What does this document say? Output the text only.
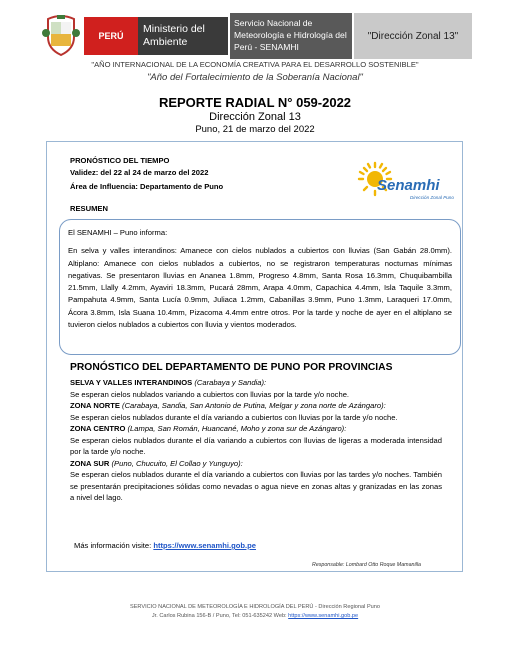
PERÚ
Ministerio del Ambiente
Servicio Nacional de Meteorología e Hidrología del Perú - SENAMHI
"Dirección Zonal 13"
"AÑO INTERNACIONAL DE LA ECONOMÍA CREATIVA PARA EL DESARROLLO SOSTENIBLE"
"Año del Fortalecimiento de la Soberanía Nacional"
REPORTE RADIAL N° 059-2022
Dirección Zonal 13
Puno, 21 de marzo del 2022
PRONÓSTICO DEL TIEMPO
Validez: del 22 al 24 de marzo del 2022
Área de Influencia: Departamento de Puno
RESUMEN
Senamhi
Dirección Zonal Puno

El SENAMHI – Puno informa:

En selva y valles interandinos: Amanece con cielos nublados a cubiertos con lluvias (San Gabán 28.0mm). Altiplano: Amanece con cielos nublados a cubiertos, no se registraron temperaturas nocturnas mínimas negativas. Se presentaron lluvias en Ananea 1.8mm, Progreso 4.8mm, Santa Rosa 16.3mm, Chuquibambilla 21.5mm, Llally 4.2mm, Ayaviri 18.3mm, Pucará 28mm, Arapa 4.0mm, Capachica 4.4mm, Isla Taquile 3.3mm, Pampahuta 4.9mm, Santa Lucía 0.9mm, Juliaca 1.2mm, Cabanillas 3.9mm, Puno 1.3mm, Laraqueri 17.0mm, Ácora 3.8mm, Isla Suana 10.4mm, Pizacoma 4.4mm entre otros. Por la tarde y noche de ayer en el altiplano se tuvieron cielos nublados a cubiertos con lluvia y vientos moderados.

PRONÓSTICO DEL DEPARTAMENTO DE PUNO POR PROVINCIAS
SELVA Y VALLES INTERANDINOS (Carabaya y Sandia):

Se esperan cielos nublados variando a cubiertos con lluvias por la tarde y/o noche.

ZONA NORTE (Carabaya, Sandia, San Antonio de Putina, Melgar y zona norte de Azángaro):

Se esperan cielos nublados durante el día variando a cubiertos con lluvias por la tarde y/o noche.

ZONA CENTRO (Lampa, San Román, Huancané, Moho y zona sur de Azángaro):

Se esperan cielos nublados durante el día variando a cubiertos con lluvias de ligeras a moderada intensidad por la tarde y/o noche.

ZONA SUR (Puno, Chucuito, El Collao y Yunguyo):

Se esperan cielos nublados durante el día variando a cubiertos con lluvias por las tardes y/o noches. También se presentarán precipitaciones sólidas como nevadas o agua nieve en zonas altas y granizadas en las zonas a nivel del lago.

Más información visite: https://www.senamhi.gob.pe
Responsable: Lombard Otto Roque Mamanilla
SERVICIO NACIONAL DE METEOROLOGÍA E HIDROLOGÍA DEL PERÚ - Dirección Regional Puno
Jr. Carlos Rubina 156-B / Puno, Tel: 051-635242 Web: https://www.senamhi.gob.pe
